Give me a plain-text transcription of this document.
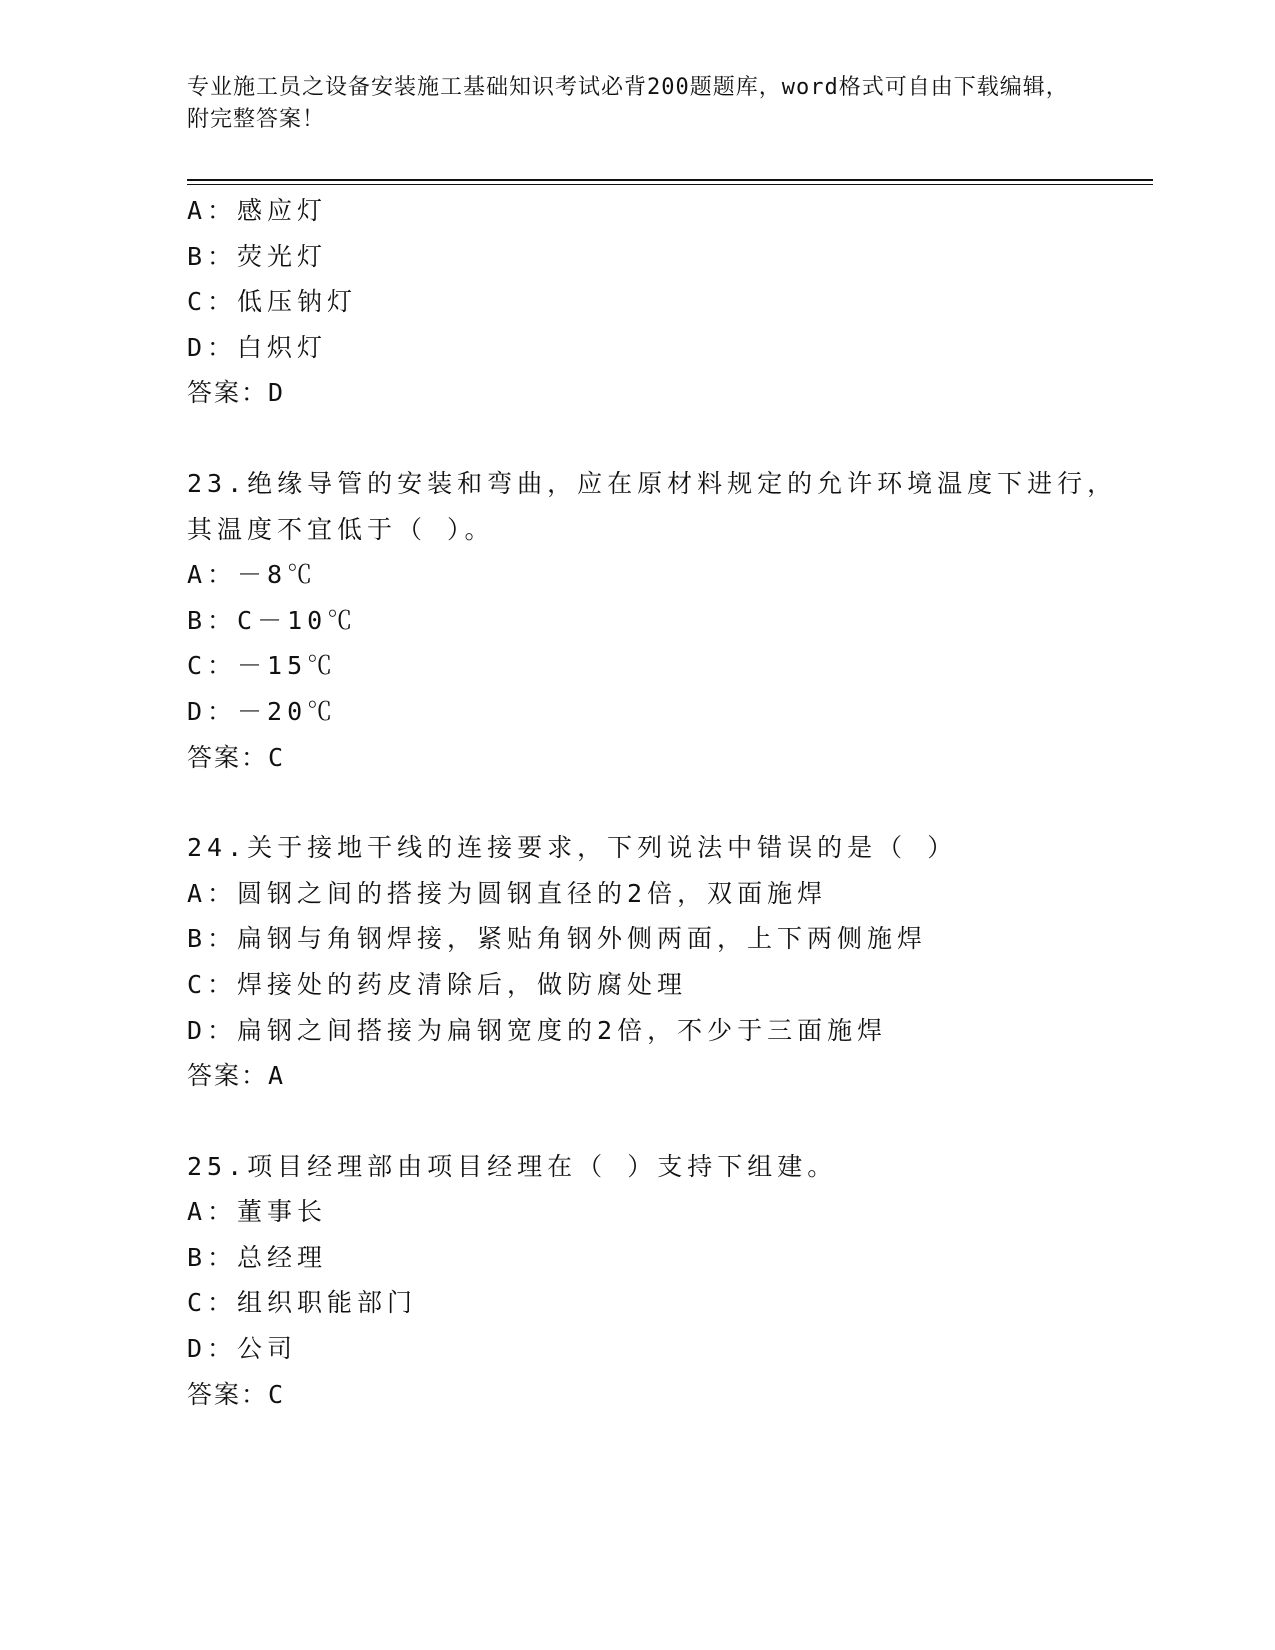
专业施工员之设备安装施工基础知识考试必背200题题库，word格式可自由下载编辑，附完整答案！
A：感应灯
B：荧光灯
C：低压钠灯
D：白炽灯
答案：D
23.绝缘导管的安装和弯曲，应在原材料规定的允许环境温度下进行，其温度不宜低于（ ）。
A：－8℃
B：C－10℃
C：－15℃
D：－20℃
答案：C
24.关于接地干线的连接要求，下列说法中错误的是（ ）
A：圆钢之间的搭接为圆钢直径的2倍，双面施焊
B：扁钢与角钢焊接，紧贴角钢外侧两面，上下两侧施焊
C：焊接处的药皮清除后，做防腐处理
D：扁钢之间搭接为扁钢宽度的2倍，不少于三面施焊
答案：A
25.项目经理部由项目经理在（ ）支持下组建。
A：董事长
B：总经理
C：组织职能部门
D：公司
答案：C
